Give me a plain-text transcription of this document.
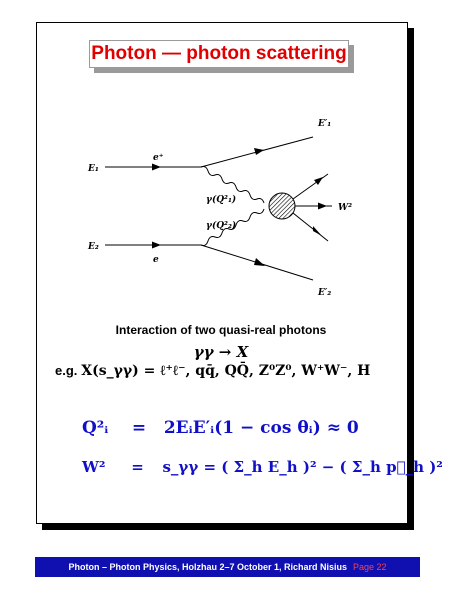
Photon — photon scattering
E₁
E₂
e⁺
e
E′₁
E′₂
γ(Q²₁)
γ(Q²₂)
W²
Interaction of two quasi-real photons
γγ → X
e.g. X(s_γγ) = ℓ⁺ℓ⁻, qq̄, QQ̄, Z⁰Z⁰, W⁺W⁻, H
Q²ᵢ = 2EᵢE′ᵢ(1 − cos θᵢ) ≈ 0
W² = s_γγ = ( Σ_h E_h )² − ( Σ_h p⃗_h )²
Photon – Photon Physics, Holzhau 2–7 October 1, Richard Nisius Page 22
